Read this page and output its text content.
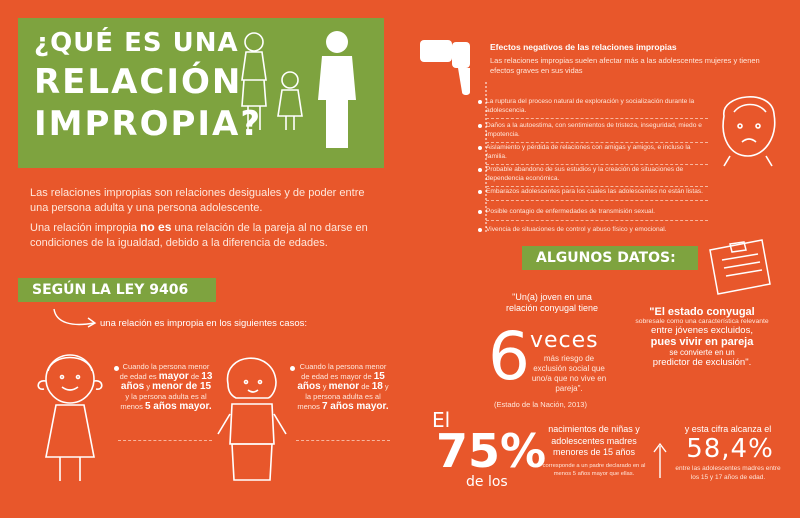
¿QUÉ ES UNA
RELACIÓN
IMPROPIA?
Las relaciones impropias son relaciones desiguales y de poder entre una persona adulta y una persona adolescente.
Una relación impropia no es una relación de la pareja al no darse en condiciones de la igualdad, debido a la diferencia de edades.
SEGÚN LA LEY 9406
una relación es impropia en los siguientes casos:
Cuando la persona menor de edad es mayor de 13 años y menor de 15 y la persona adulta es al menos 5 años mayor.
Cuando la persona menor de edad es mayor de 15 años y menor de 18 y la persona adulta es al menos 7 años mayor.
Efectos negativos de las relaciones impropias
Las relaciones impropias suelen afectar más a las adolescentes mujeres y tienen efectos graves en sus vidas
La ruptura del proceso natural de exploración y socialización durante la adolescencia.
Daños a la autoestima, con sentimientos de tristeza, inseguridad, miedo e impotencia.
Aislamiento y pérdida de relaciones con amigas y amigos, e incluso la familia.
Probable abandono de sus estudios y la creación de situaciones de dependencia económica.
Embarazos adolescentes para los cuales las adolescentes no están listas.
Posible contagio de enfermedades de transmisión sexual.
Vivencia de situaciones de control y abuso físico y emocional.
ALGUNOS DATOS:
"Un(a) joven en una relación conyugal tiene
6 veces
más riesgo de exclusión social que uno/a que no vive en pareja".
(Estado de la Nación, 2013)
"El estado conyugal
sobresale como una característica relevante
entre jóvenes excluidos,
pues vivir en pareja
se convierte en un
predictor de exclusión".
El
75%
de los
nacimientos de niñas y adolescentes madres menores de 15 años
corresponde a un padre declarado en al menos 5 años mayor que ellas.
y esta cifra alcanza el
58,4%
entre las adolescentes madres entre los 15 y 17 años de edad.
